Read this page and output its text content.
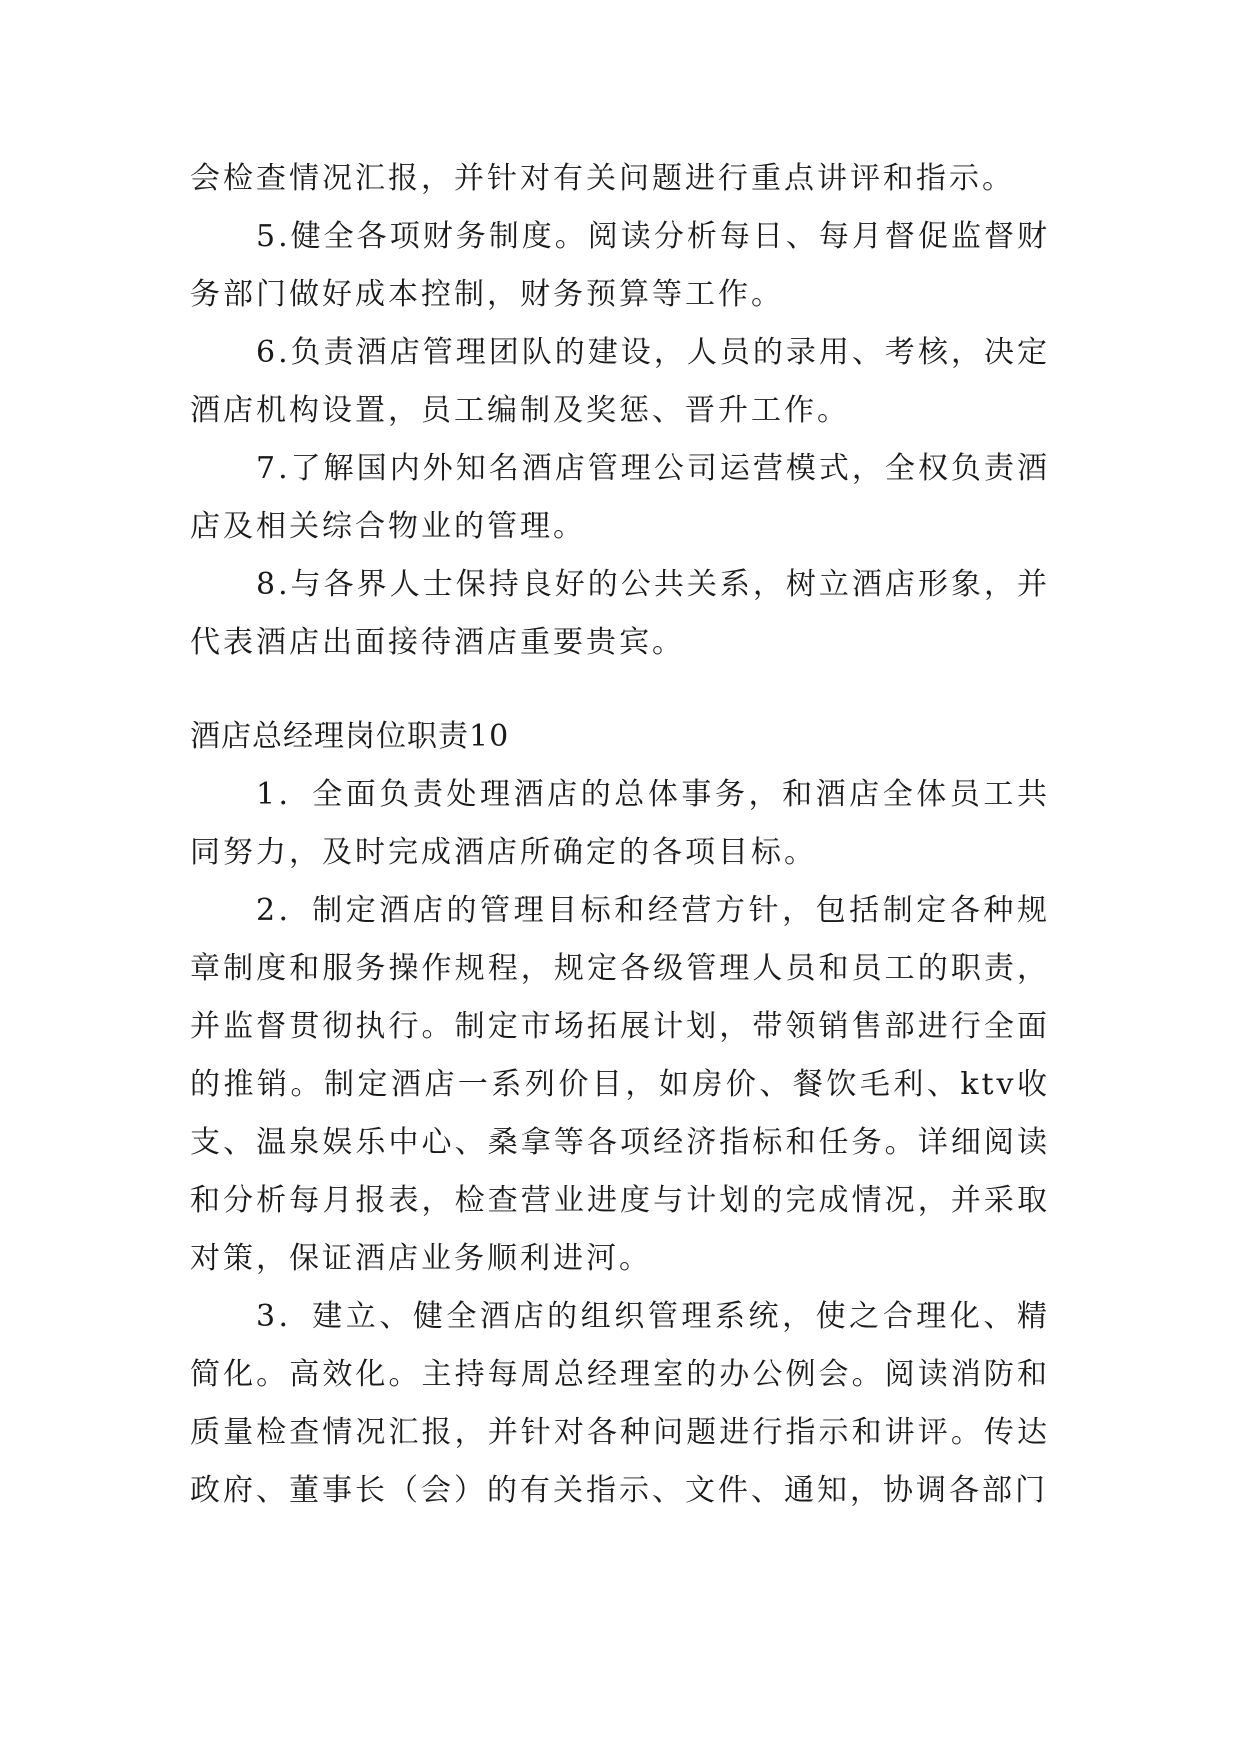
会检查情况汇报，并针对有关问题进行重点讲评和指示。

5.健全各项财务制度。阅读分析每日、每月督促监督财务部门做好成本控制，财务预算等工作。

6.负责酒店管理团队的建设，人员的录用、考核，决定酒店机构设置，员工编制及奖惩、晋升工作。

7.了解国内外知名酒店管理公司运营模式，全权负责酒店及相关综合物业的管理。

8.与各界人士保持良好的公共关系，树立酒店形象，并代表酒店出面接待酒店重要贵宾。

酒店总经理岗位职责10

1．全面负责处理酒店的总体事务，和酒店全体员工共同努力，及时完成酒店所确定的各项目标。

2．制定酒店的管理目标和经营方针，包括制定各种规章制度和服务操作规程，规定各级管理人员和员工的职责，并监督贯彻执行。制定市场拓展计划，带领销售部进行全面的推销。制定酒店一系列价目，如房价、餐饮毛利、ktv收支、温泉娱乐中心、桑拿等各项经济指标和任务。详细阅读和分析每月报表，检查营业进度与计划的完成情况，并采取对策，保证酒店业务顺利进河。

3．建立、健全酒店的组织管理系统，使之合理化、精简化。高效化。主持每周总经理室的办公例会。阅读消防和质量检查情况汇报，并针对各种问题进行指示和讲评。传达政府、董事长（会）的有关指示、文件、通知，协调各部门
